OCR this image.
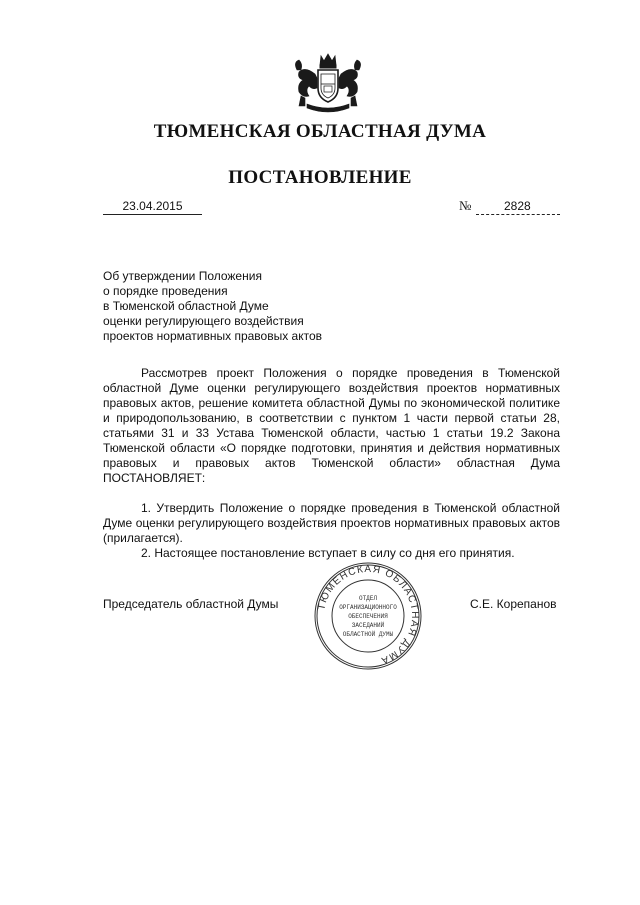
ТЮМЕНСКАЯ ОБЛАСТНАЯ ДУМА
ПОСТАНОВЛЕНИЕ
23.04.2015	№	2828
Об утверждении Положения
о порядке проведения
в Тюменской областной Думе
оценки регулирующего воздействия
проектов нормативных правовых актов

Рассмотрев проект Положения о порядке проведения в Тюменской областной Думе оценки регулирующего воздействия проектов нормативных правовых актов, решение комитета областной Думы по экономической политике и природопользованию, в соответствии с пунктом 1 части первой статьи 28, статьями 31 и 33 Устава Тюменской области, частью 1 статьи 19.2 Закона Тюменской области «О порядке подготовки, принятия и действия нормативных правовых и правовых актов Тюменской области» областная Дума ПОСТАНОВЛЯЕТ:

1. Утвердить Положение о порядке проведения в Тюменской областной Думе оценки регулирующего воздействия проектов нормативных правовых актов (прилагается).

2. Настоящее постановление вступает в силу со дня его принятия.

Председатель областной Думы	С.Е. Корепанов
ТЮМЕНСКАЯ ОБЛАСТНАЯ ДУМА
ОТДЕЛ
ОРГАНИЗАЦИОННОГО
ОБЕСПЕЧЕНИЯ
ЗАСЕДАНИЙ
ОБЛАСТНОЙ ДУМЫ
